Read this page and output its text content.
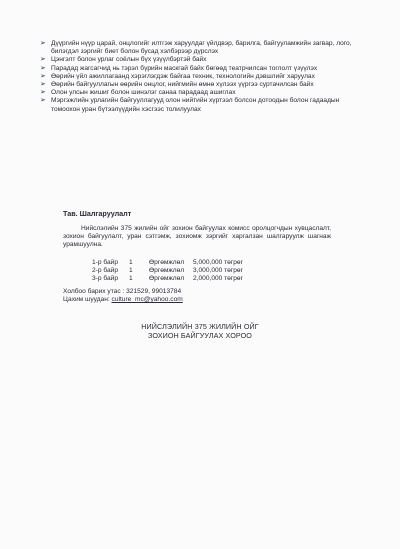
➢ Дүүргийн нүүр царай, онцлогийг илтгэж харуулдаг үйлдвэр, барилга, байгууламжийн загвар, лого, билэгдэл зэргийг биет болон бусад хэлбэрээр дүрслэх
➢ Цэнгэлт болон урлаг соёлын бүх үзүүлбэртэй байх
➢ Парадад жагсагчид нь тэрэл бүрийн маскгай байх бөгөөд театрчилсан тоглолт үзүүлэх
➢ Өөрийн үйл ажиллагаанд хэрэглэгдэж байгаа техник, технологийн дэвшлийг харуулах
➢ Өөрийн байгууллагын өөрийн онцлог, нийгмийн өмнө хүлээх үүргээ суртачилсан байх
➢ Олон улсын жишиг болон шинэлэг санаа парадаад ашиглах
➢ Мэргэжлийн урлагийн байгууллагууд олон нийтийн хүртээл болсон дотоодын болон гадаадын томоохон уран бүтээлүүдийн хэсгээс толилуулах
Тав. Шалгаруулалт
Нийслэлийн 375 жилийн ойг зохион байгуулах комисс оролцогчдын хувцаслалт, зохион байгуулалт, уран сэтгэмж, зохиомж зэргийг харгалзан шалгаруулж шагнаж урамшуулна.
1-р байр	1	Өргөмжлөл	5,000,000 төгрөг
2-р байр	1	Өргөмжлөл	3,000,000 төгрөг
3-р байр	1	Өргөмжлөл	2,000,000 төгрөг
Холбоо барих утас : 321529, 99013784
Цахим шуудан: culture_mc@yahoo.com
НИЙСЛЭЛИЙН 375 ЖИЛИЙН ОЙГ
ЗОХИОН БАЙГУУЛАХ ХОРОО
